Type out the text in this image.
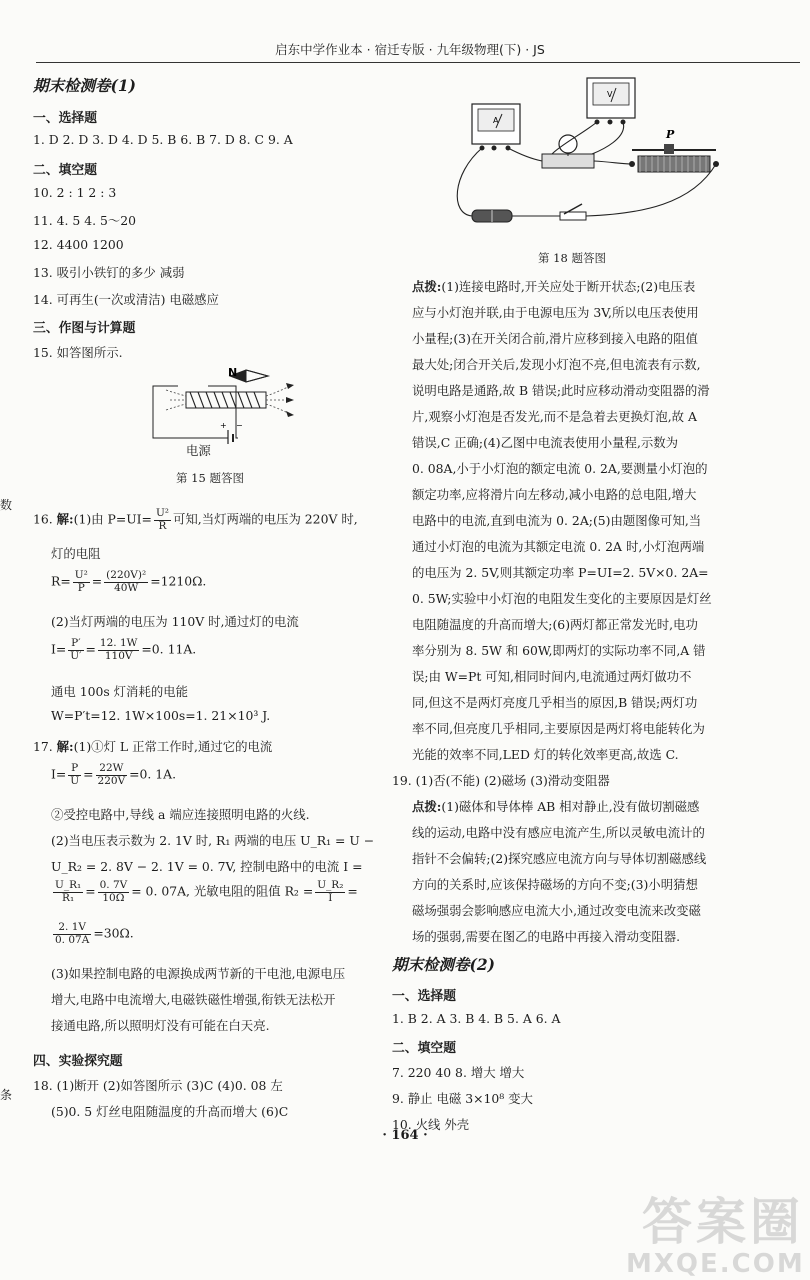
启东中学作业本 · 宿迁专版 · 九年级物理(下) · JS
数
条
期末检测卷(1)
一、选择题
1. D 2. D 3. D 4. D 5. B 6. B 7. D 8. C 9. A
二、填空题
10. 2 : 1 2 : 3
11. 4. 5 4. 5～20
12. 4400 1200
13. 吸引小铁钉的多少 减弱
14. 可再生(一次或清洁) 电磁感应
三、作图与计算题
15. 如答图所示.
+ −
N
电源
第 15 题答图
16. 解:(1)由 $P=UI= \frac{\text{U²}}{R}$ 可知,当灯两端的电压为 220V 时,
灯的电阻
$R= \frac{\text{U²}}{P} = \frac{\text{(220V)²}}{40W} =1210\Omega$.
(2)当灯两端的电压为 110V 时,通过灯的电流
$I= \frac{P'}{U'} = \frac{12. 1W}{110V} =0$. 11A.
通电 100s 灯消耗的电能
W=P′t=12. 1W×100s=1. 21×10³ J.
17. 解:(1)①灯 L 正常工作时,通过它的电流
$I= \frac{P}{U} = \frac{22W}{220V} =0$. 1A.
②受控电路中,导线 a 端应连接照明电路的火线.
(2)当电压表示数为 2. 1V 时, R₁ 两端的电压 U_R₁ = U −
U_R₂ = 2. 8V − 2. 1V = 0. 7V, 控制电路中的电流 I =
$\frac{\text{U\_R₁}}{\text{R₁}} = \frac{0. 7V}{10\Omega} = 0$. 07A, 光敏电阻的阻值 $R_2 = \frac{\text{U\_R₂}}{I}$ =
$\frac{2. 1V}{0. 07A} =30\Omega$.
(3)如果控制电路的电源换成两节新的干电池,电源电压
增大,电路中电流增大,电磁铁磁性增强,衔铁无法松开
接通电路,所以照明灯没有可能在白天亮.
四、实验探究题
18. (1)断开 (2)如答图所示 (3)C (4)0. 08 左
(5)0. 5 灯丝电阻随温度的升高而增大 (6)C
A
V
P
第 18 题答图
点拨:(1)连接电路时,开关应处于断开状态;(2)电压表
应与小灯泡并联,由于电源电压为 3V,所以电压表使用
小量程;(3)在开关闭合前,滑片应移到接入电路的阻值
最大处;闭合开关后,发现小灯泡不亮,但电流表有示数,
说明电路是通路,故 B 错误;此时应移动滑动变阻器的滑
片,观察小灯泡是否发光,而不是急着去更换灯泡,故 A
错误,C 正确;(4)乙图中电流表使用小量程,示数为
0. 08A,小于小灯泡的额定电流 0. 2A,要测量小灯泡的
额定功率,应将滑片向左移动,减小电路的总电阻,增大
电路中的电流,直到电流为 0. 2A;(5)由题图像可知,当
通过小灯泡的电流为其额定电流 0. 2A 时,小灯泡两端
的电压为 2. 5V,则其额定功率 P=UI=2. 5V×0. 2A=
0. 5W;实验中小灯泡的电阻发生变化的主要原因是灯丝
电阻随温度的升高而增大;(6)两灯都正常发光时,电功
率分别为 8. 5W 和 60W,即两灯的实际功率不同,A 错
误;由 W=Pt 可知,相同时间内,电流通过两灯做功不
同,但这不是两灯亮度几乎相当的原因,B 错误;两灯功
率不同,但亮度几乎相同,主要原因是两灯将电能转化为
光能的效率不同,LED 灯的转化效率更高,故选 C.
19. (1)否(不能) (2)磁场 (3)滑动变阻器
点拨:(1)磁体和导体棒 AB 相对静止,没有做切割磁感
线的运动,电路中没有感应电流产生,所以灵敏电流计的
指针不会偏转;(2)探究感应电流方向与导体切割磁感线
方向的关系时,应该保持磁场的方向不变;(3)小明猜想
磁场强弱会影响感应电流大小,通过改变电流来改变磁
场的强弱,需要在图乙的电路中再接入滑动变阻器.
期末检测卷(2)
一、选择题
1. B 2. A 3. B 4. B 5. A 6. A
二、填空题
7. 220 40 8. 增大 增大
9. 静止 电磁 3×10⁸ 变大
10. 火线 外壳
· 164 ·
答案圈
MXQE.COM
